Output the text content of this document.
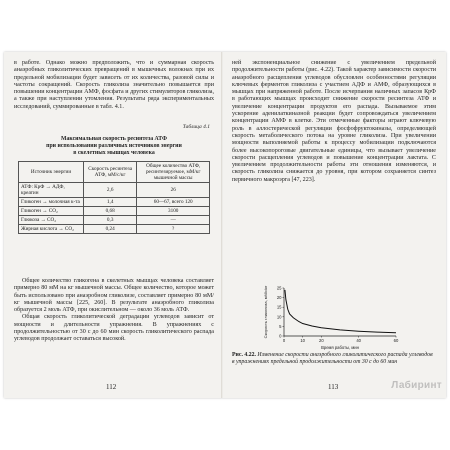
в работе. Однако можно предположить, что и суммарная скорость анаэробных гликолитических превращений в мышечных волокнах при их предельной мобилизации будет зависеть от их количества, разовой силы и частоты сокращений. Скорость гликолиза значительно повышается при повышении концентрации АМФ, фосфата и других стимуляторов гликолиза, а также при наступлении утомления. Результаты ряда экспериментальных исследований, суммированные в табл. 4.1.

Таблица 4.1
Максимальная скорость ресинтеза АТФ
при использовании различных источников энергии
в скелетных мышцах человека
Источник энергии	Скорость ресинтеза АТФ, мМ/с/кг	Общее количество АТФ, ресинтезируемое, мМ/кг мышечной массы
АТФ: КрФ → АДФ, креатин	2,6	26
Гликоген → молочная к-та	1,4	60—67, всего 120
Гликоген → CO₂	0,68	3100
Глюкоза → CO₂	0,3	—
Жирная кислота → CO₂	0,24	?

Общее количество гликогена в скелетных мышцах человека составляет примерно 80 мМ на кг мышечной массы. Общее количество, которое может быть использовано при анаэробном гликолизе, составляет примерно 80 мМ/кг мышечной массы [225, 260]. В результате анаэробного гликолиза образуется 2 моль АТФ, при окислительном — около 36 моль АТФ.

Общая скорость гликолитической деградации углеводов зависит от мощности и длительности упражнения. В упражнениях с продолжительностью от 30 с до 60 мин скорость гликолитического распада углеводов продолжает оставаться высокой.

112

ней экспоненциальное снижение с увеличением предельной продолжительности работы (рис. 4.22). Такой характер зависимости скорости анаэробного расщепления углеводов обусловлен особенностями регуляции ключевых ферментов гликолиза с участием АДФ и АМФ, образующихся в мышцах при напряженной работе. После исчерпания наличных запасов КрФ в работающих мышцах происходит снижение скорости ресинтеза АТФ и увеличение концентрации продуктов его распада. Вызываемое этим ускорение аденилаткиназной реакции будет сопровождаться увеличением концентрации АМФ в клетке. Эти отмеченные факторы играют ключевую роль в аллостерической регуляции фосфофруктокиназы, определяющей скорость метаболического потока на уровне гликолиза. При увеличении мощности выполняемой работы к процессу мобилизации подключаются более высокопороговые двигательные единицы, что вызывает увеличение скорости расщепления углеводов и повышение концентрации лактата. С увеличением продолжительности работы эти отношения изменяются, и скорость гликолиза снижается до уровня, при котором сохраняется синтез первичного макроэрга [47, 223].

0
5
10
15
20
25
0	10	20	40	60
Скорость гликолиза, мМ/с/кг
Время работы, мин
Рис. 4.22. Изменение скорости анаэробного гликолитического распада углеводов в упражнениях предельной продолжительности от 30 с до 60 мин
113	Лабиринт
